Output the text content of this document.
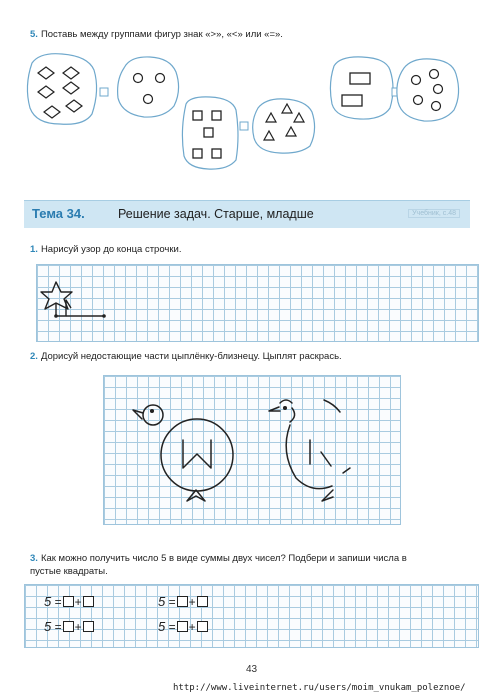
5. Поставь между группами фигур знак «>», «<» или «=».
Тема 34.	Решение задач. Старше, младше	Учебник, с.48
1. Нарисуй узор до конца строчки.
2. Дорисуй недостающие части цыплёнку-близнецу. Цыплят раскрась.
3. Как можно получить число 5 в виде суммы двух чисел? Подбери и запиши числа в
пустые квадраты.
5 = +	5 = +
5 = +	5 = +
43
http://www.liveinternet.ru/users/moim_vnukam_poleznoe/
